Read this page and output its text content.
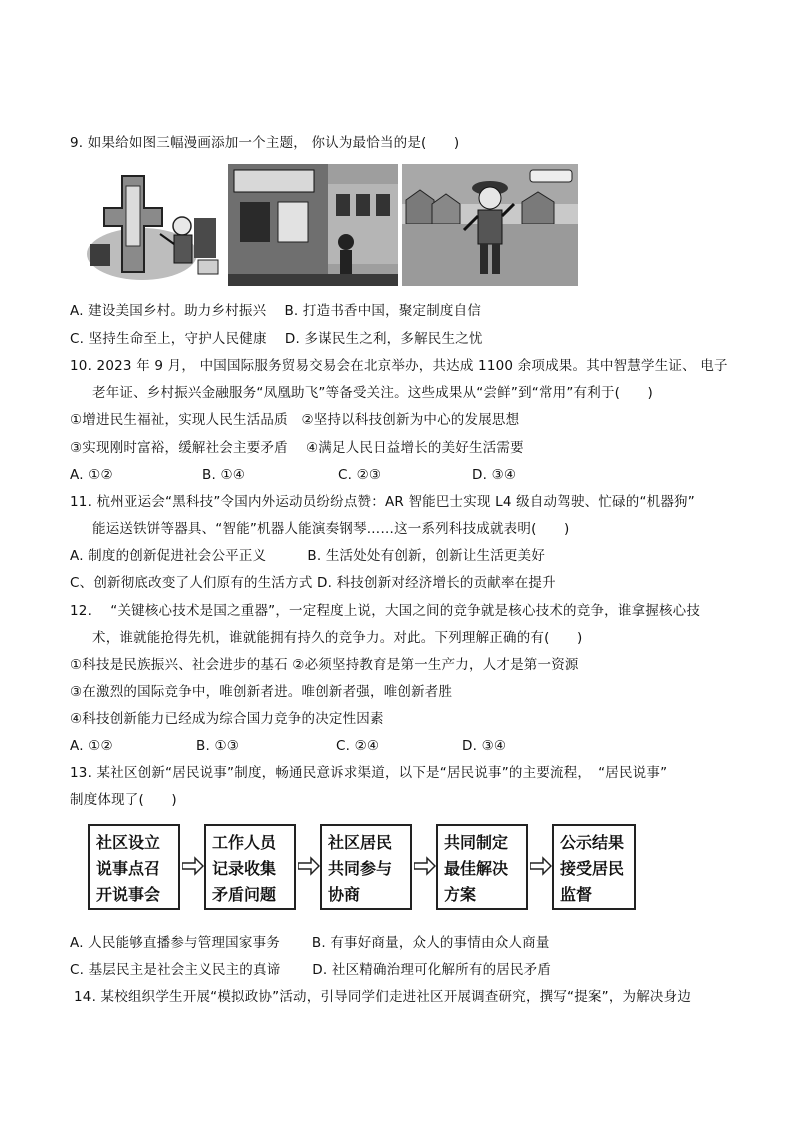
9. 如果给如图三幅漫画添加一个主题， 你认为最恰当的是(　　)
A. 建设美国乡村。助力乡村振兴　 B. 打造书香中国，聚定制度自信
C. 坚持生命至上，守护人民健康　 D. 多谋民生之利，多解民生之忧
10. 2023 年 9 月， 中国国际服务贸易交易会在北京举办，共达成 1100 余项成果。其中智慧学生证、 电子
老年证、乡村振兴金融服务“凤凰助飞”等备受关注。这些成果从“尝鲜”到“常用”有利于(　　)
①增进民生福祉，实现人民生活品质　②坚持以科技创新为中心的发展思想
③实现刚时富裕，缓解社会主要矛盾　 ④满足人民日益增长的美好生活需要
A. ①②	B. ①④	C. ②③	D. ③④
11. 杭州亚运会“黑科技”令国内外运动员纷纷点赞：AR 智能巴士实现 L4 级自动驾驶、忙碌的“机器狗”
能运送铁饼等器具、“智能”机器人能演奏钢琴……这一系列科技成就表明(　　)
A. 制度的创新促进社会公平正义　　　B. 生活处处有创新，创新让生活更美好
C、创新彻底改变了人们原有的生活方式 D. 科技创新对经济增长的贡献率在提升
12. 　“关键核心技术是国之重器”，一定程度上说，大国之间的竞争就是核心技术的竞争，谁拿握核心技
术，谁就能抢得先机，谁就能拥有持久的竞争力。对此。下列理解正确的有(　　)
①科技是民族振兴、社会进步的基石 ②必须坚持教育是第一生产力，人才是第一资源
③在激烈的国际竞争中，唯创新者进。唯创新者强，唯创新者胜
④科技创新能力已经成为综合国力竞争的决定性因素
A. ①②	B. ①③	C. ②④	D. ③④
13. 某社区创新“居民说事”制度，畅通民意诉求渠道，以下是“居民说事”的主要流程，　“居民说事”
制度体现了(　　)
社区设立
说事点召
开说事会
工作人员
记录收集
矛盾问题
社区居民
共同参与
协商
共同制定
最佳解决
方案
公示结果
接受居民
监督
A. 人民能够直播参与管理国家事务　　 B. 有事好商量，众人的事情由众人商量
C. 基层民主是社会主义民主的真谛　　 D. 社区精确治理可化解所有的居民矛盾
14. 某校组织学生开展“模拟政协”活动，引导同学们走进社区开展调查研究，撰写“提案”，为解决身边
